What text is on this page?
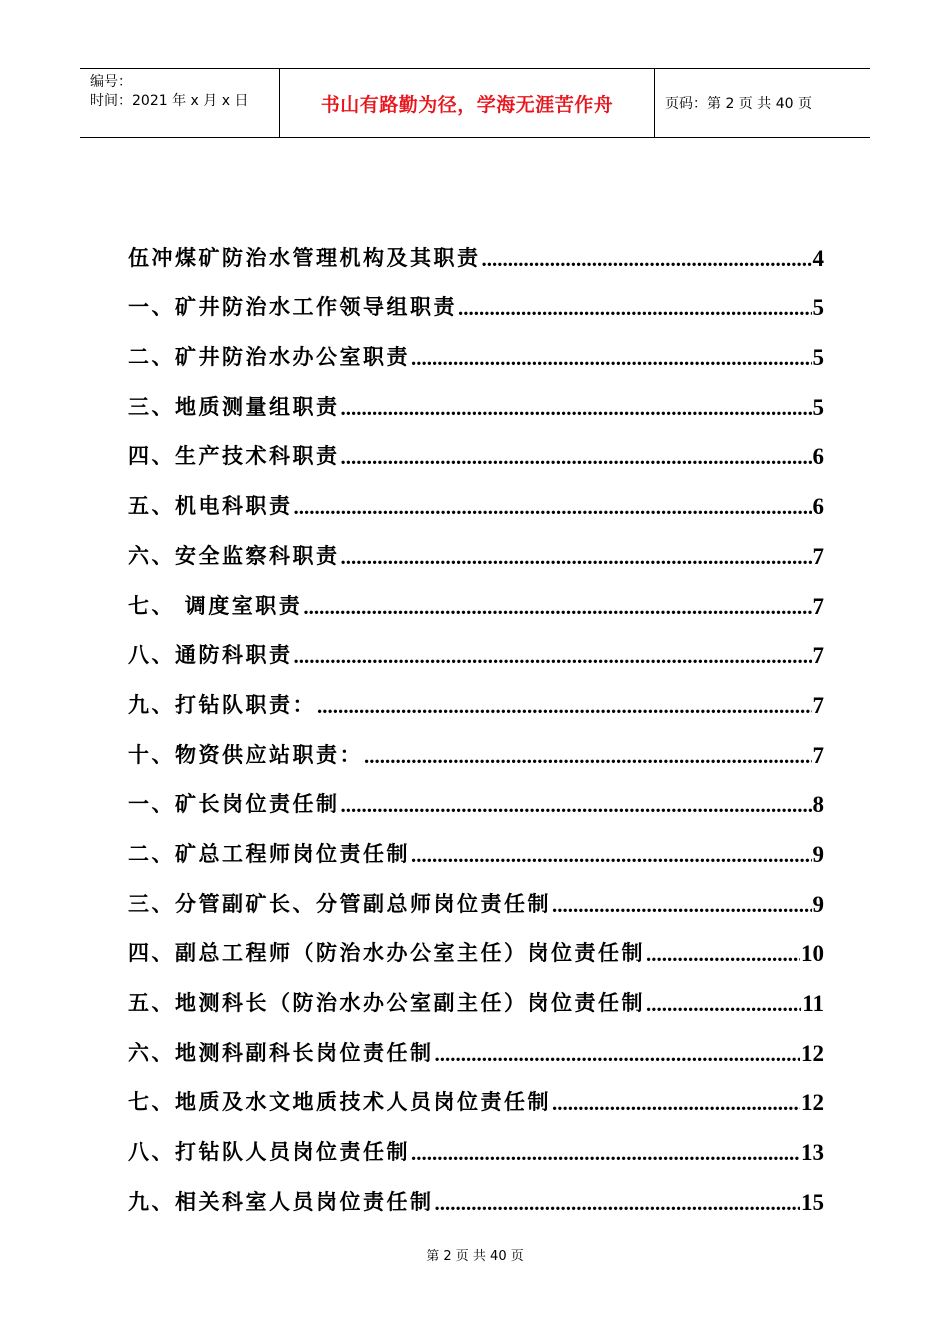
编号：
时间：2021 年 x 月 x 日	书山有路勤为径，学海无涯苦作舟	页码：第 2 页 共 40 页
伍冲煤矿防治水管理机构及其职责 .....	4
一、矿井防治水工作领导组职责 .....	5
二、矿井防治水办公室职责 .....	5
三、地质测量组职责 .....	5
四、生产技术科职责 .....	6
五、机电科职责 .....	6
六、安全监察科职责 .....	7
七、 调度室职责 .....	7
八、通防科职责 .....	7
九、打钻队职责： .....	7
十、物资供应站职责： .....	7
一、矿长岗位责任制 .....	8
二、矿总工程师岗位责任制 .....	9
三、分管副矿长、分管副总师岗位责任制 .....	9
四、副总工程师（防治水办公室主任）岗位责任制 .....	10
五、地测科长（防治水办公室副主任）岗位责任制 .....	11
六、地测科副科长岗位责任制 .....	12
七、地质及水文地质技术人员岗位责任制 .....	12
八、打钻队人员岗位责任制 .....	13
九、相关科室人员岗位责任制 .....	15
第 2 页 共 40 页
